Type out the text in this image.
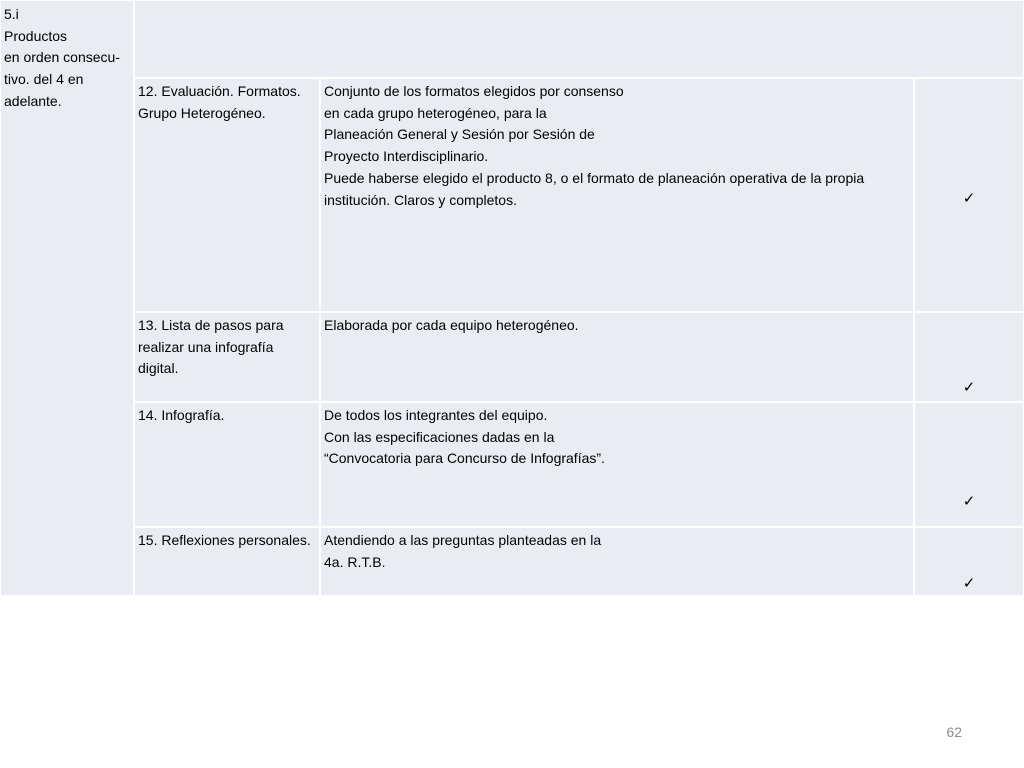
5.i
Productos
en orden consecu-
tivo. del 4 en
adelante.
12. Evaluación. Formatos.
Grupo Heterogéneo.
Conjunto de los formatos elegidos por consenso
en cada grupo heterogéneo, para la
Planeación General y Sesión por Sesión de
Proyecto Interdisciplinario.
Puede haberse elegido el producto 8, o el formato de planeación operativa de la propia
institución. Claros y completos.	✓
13. Lista de pasos para
realizar una infografía
digital.
Elaborada por cada equipo heterogéneo.
✓
14. Infografía.	De todos los integrantes del equipo.
Con las especificaciones dadas en la
“Convocatoria para Concurso de Infografías”.
✓
15. Reflexiones personales. Atendiendo a las preguntas planteadas en la
4a. R.T.B.
✓
62
